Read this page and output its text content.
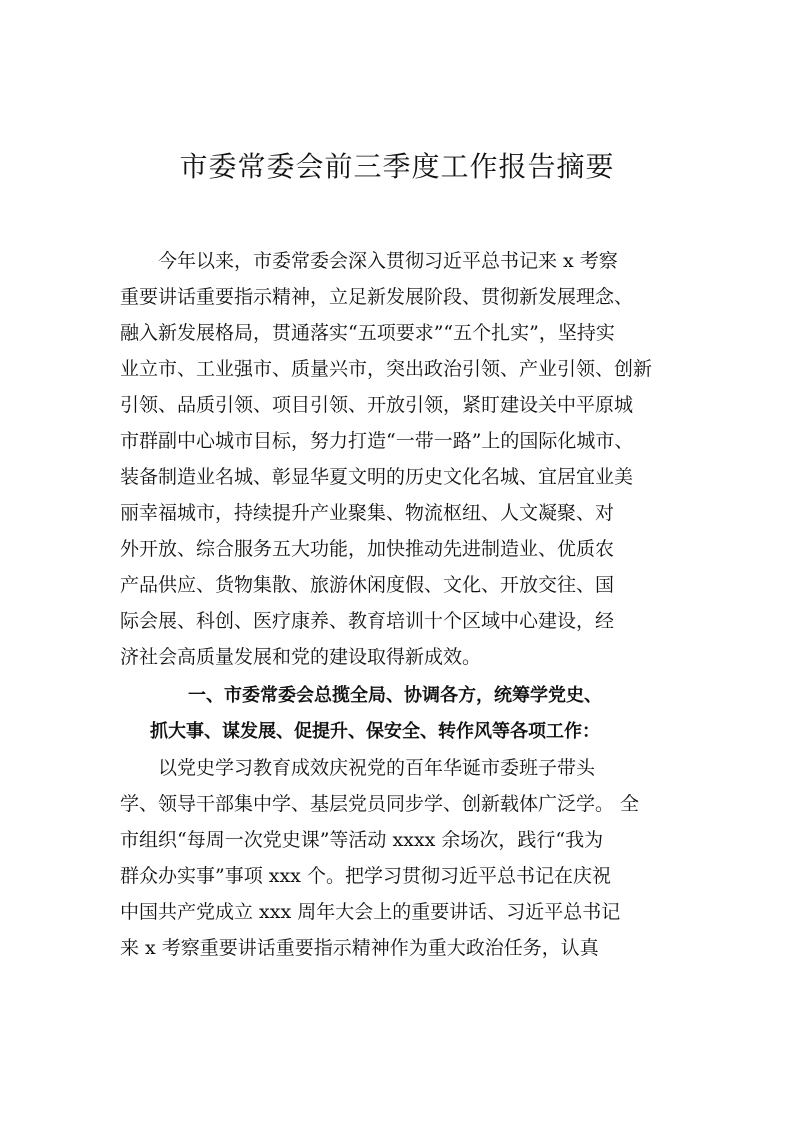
市委常委会前三季度工作报告摘要

今年以来，市委常委会深入贯彻习近平总书记来 x 考察

重要讲话重要指示精神，立足新发展阶段、贯彻新发展理念、

融入新发展格局，贯通落实“五项要求”“五个扎实”，坚持实

业立市、工业强市、质量兴市，突出政治引领、产业引领、创新

引领、品质引领、项目引领、开放引领，紧盯建设关中平原城

市群副中心城市目标，努力打造“一带一路”上的国际化城市、

装备制造业名城、彰显华夏文明的历史文化名城、宜居宜业美

丽幸福城市，持续提升产业聚集、物流枢纽、人文凝聚、对

外开放、综合服务五大功能，加快推动先进制造业、优质农

产品供应、货物集散、旅游休闲度假、文化、开放交往、国

际会展、科创、医疗康养、教育培训十个区域中心建设，经

济社会高质量发展和党的建设取得新成效。

一、市委常委会总揽全局、协调各方，统筹学党史、

抓大事、谋发展、促提升、保安全、转作风等各项工作：

以党史学习教育成效庆祝党的百年华诞市委班子带头

学、领导干部集中学、基层党员同步学、创新载体广泛学。 全

市组织“每周一次党史课”等活动 xxxx 余场次，践行“我为

群众办实事”事项 xxx 个。把学习贯彻习近平总书记在庆祝

中国共产党成立 xxx 周年大会上的重要讲话、习近平总书记

来 x 考察重要讲话重要指示精神作为重大政治任务，认真
